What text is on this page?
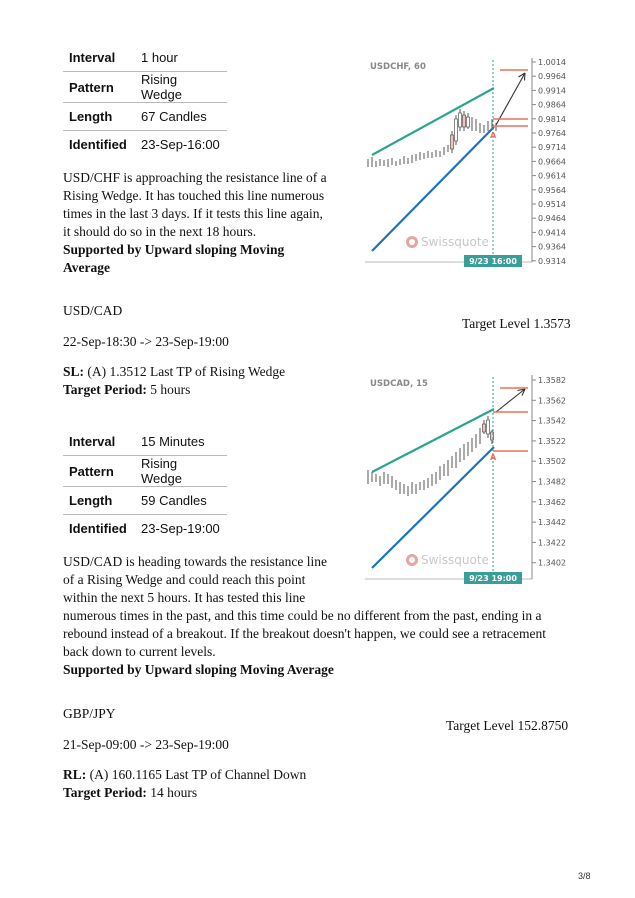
Interval	1 hour
Pattern	Rising Wedge
Length	67 Candles
Identified	23-Sep-16:00
USD/CHF is approaching the resistance line of a
Rising Wedge. It has touched this line numerous
times in the last 3 days. If it tests this line again,
it should do so in the next 18 hours.
Supported by Upward sloping Moving
Average
USDCHF, 60
A
Swissquote
9/23 16:00
1.0014
0.9964
0.9914
0.9864
0.9814
0.9764
0.9714
0.9664
0.9614
0.9564
0.9514
0.9464
0.9414
0.9364
0.9314
USD/CAD
Target Level 1.3573
22-Sep-18:30 -> 23-Sep-19:00
SL: (A) 1.3512 Last TP of Rising Wedge
Target Period: 5 hours
Interval	15 Minutes
Pattern	Rising Wedge
Length	59 Candles
Identified	23-Sep-19:00
USD/CAD is heading towards the resistance line
of a Rising Wedge and could reach this point
within the next 5 hours. It has tested this line
numerous times in the past, and this time could be no different from the past, ending in a
rebound instead of a breakout. If the breakout doesn't happen, we could see a retracement
back down to current levels.
Supported by Upward sloping Moving Average
USDCAD, 15
A
Swissquote
9/23 19:00
1.3582
1.3562
1.3542
1.3522
1.3502
1.3482
1.3462
1.3442
1.3422
1.3402
GBP/JPY
Target Level 152.8750
21-Sep-09:00 -> 23-Sep-19:00
RL: (A) 160.1165 Last TP of Channel Down
Target Period: 14 hours
3/8
